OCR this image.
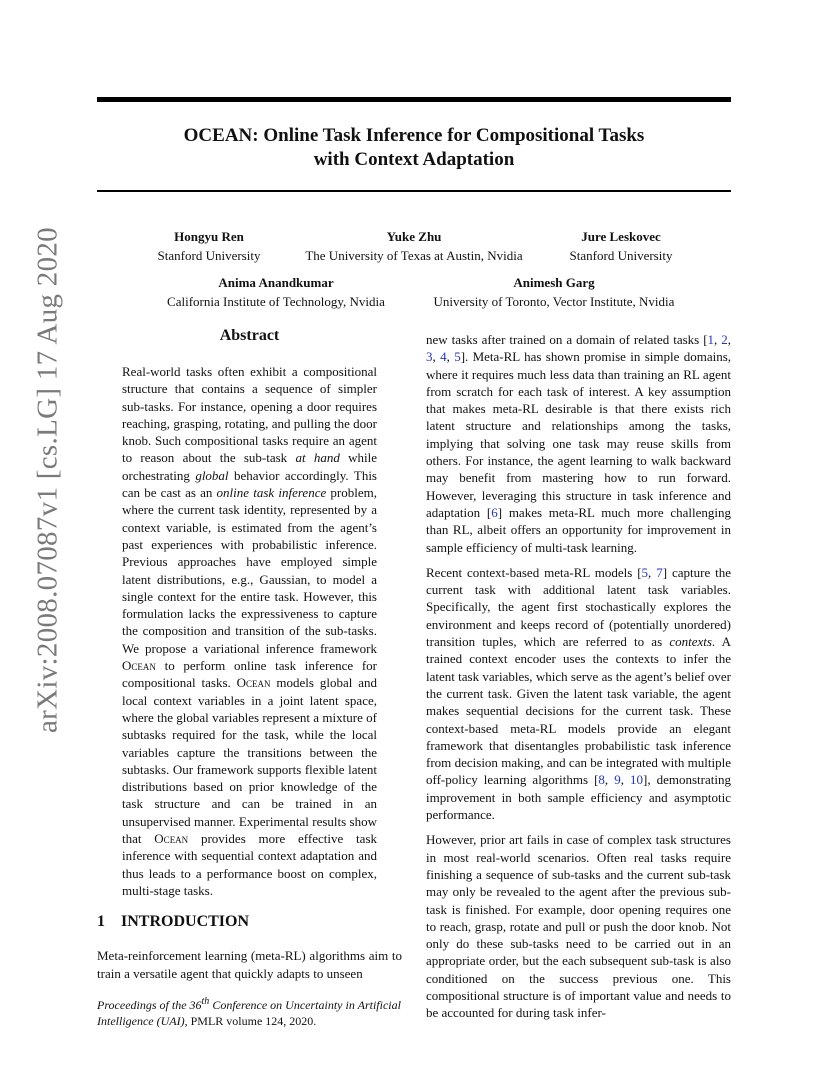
OCEAN: Online Task Inference for Compositional Tasks
with Context Adaptation
Hongyu Ren
Stanford University
Yuke Zhu
The University of Texas at Austin, Nvidia
Jure Leskovec
Stanford University
Anima Anandkumar
California Institute of Technology, Nvidia
Animesh Garg
University of Toronto, Vector Institute, Nvidia
arXiv:2008.07087v1 [cs.LG] 17 Aug 2020	Abstract
Real-world tasks often exhibit a compositional structure that contains a sequence of simpler sub-tasks. For instance, opening a door requires reaching, grasping, rotating, and pulling the door knob. Such compositional tasks require an agent to reason about the sub-task at hand while orchestrating global behavior accordingly. This can be cast as an online task inference problem, where the current task identity, represented by a context variable, is estimated from the agent’s past experiences with probabilistic inference. Previous approaches have employed simple latent distributions, e.g., Gaussian, to model a single context for the entire task. However, this formulation lacks the expressiveness to capture the composition and transition of the sub-tasks. We propose a variational inference framework Ocean to perform online task inference for compositional tasks. Ocean models global and local context variables in a joint latent space, where the global variables represent a mixture of subtasks required for the task, while the local variables capture the transitions between the subtasks. Our framework supports flexible latent distributions based on prior knowledge of the task structure and can be trained in an unsupervised manner. Experimental results show that Ocean provides more effective task inference with sequential context adaptation and thus leads to a performance boost on complex, multi-stage tasks.
1 INTRODUCTION
Meta-reinforcement learning (meta-RL) algorithms aim to train a versatile agent that quickly adapts to unseen
Proceedings of the 36th Conference on Uncertainty in Artificial Intelligence (UAI), PMLR volume 124, 2020.

new tasks after trained on a domain of related tasks [1, 2, 3, 4, 5]. Meta-RL has shown promise in simple domains, where it requires much less data than training an RL agent from scratch for each task of interest. A key assumption that makes meta-RL desirable is that there exists rich latent structure and relationships among the tasks, implying that solving one task may reuse skills from others. For instance, the agent learning to walk backward may benefit from mastering how to run forward. However, leveraging this structure in task inference and adaptation [6] makes meta-RL much more challenging than RL, albeit offers an opportunity for improvement in sample efficiency of multi-task learning.

Recent context-based meta-RL models [5, 7] capture the current task with additional latent task variables. Specifically, the agent first stochastically explores the environment and keeps record of (potentially unordered) transition tuples, which are referred to as contexts. A trained context encoder uses the contexts to infer the latent task variables, which serve as the agent’s belief over the current task. Given the latent task variable, the agent makes sequential decisions for the current task. These context-based meta-RL models provide an elegant framework that disentangles probabilistic task inference from decision making, and can be integrated with multiple off-policy learning algorithms [8, 9, 10], demonstrating improvement in both sample efficiency and asymptotic performance.

However, prior art fails in case of complex task structures in most real-world scenarios. Often real tasks require finishing a sequence of sub-tasks and the current sub-task may only be revealed to the agent after the previous sub-task is finished. For example, door opening requires one to reach, grasp, rotate and pull or push the door knob. Not only do these sub-tasks need to be carried out in an appropriate order, but the each subsequent sub-task is also conditioned on the success previous one. This compositional structure is of important value and needs to be accounted for during task infer-
